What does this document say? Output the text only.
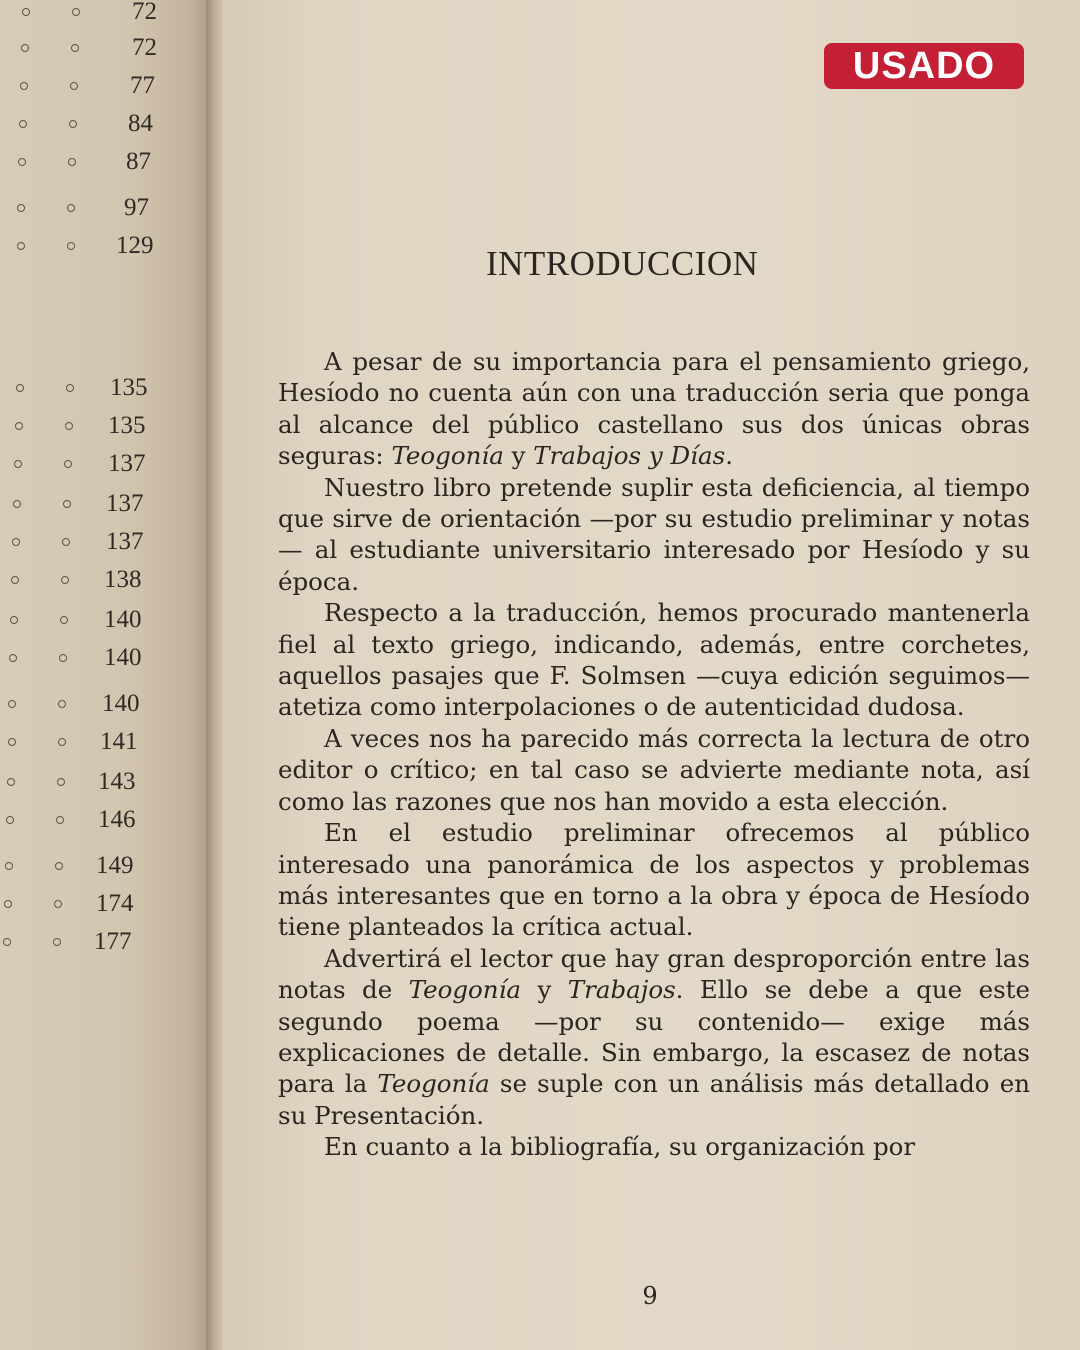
72
72
77
84
87
97
129
135
135
137
137
137
138
140
140
140
141
143
146
149
174
177
USADO
INTRODUCCION

A pesar de su importancia para el pensamiento griego, Hesíodo no cuenta aún con una traducción seria que ponga al alcance del público castellano sus dos únicas obras seguras: Teogonía y Trabajos y Días.

Nuestro libro pretende suplir esta deficiencia, al tiempo que sirve de orientación —por su estudio preliminar y notas— al estudiante universitario interesado por Hesíodo y su época.

Respecto a la traducción, hemos procurado mantenerla fiel al texto griego, indicando, además, entre corchetes, aquellos pasajes que F. Solmsen —cuya edición seguimos— atetiza como interpolaciones o de autenticidad dudosa.

A veces nos ha parecido más correcta la lectura de otro editor o crítico; en tal caso se advierte mediante nota, así como las razones que nos han movido a esta elección.

En el estudio preliminar ofrecemos al público interesado una panorámica de los aspectos y problemas más interesantes que en torno a la obra y época de Hesíodo tiene planteados la crítica actual.

Advertirá el lector que hay gran desproporción entre las notas de Teogonía y Trabajos. Ello se debe a que este segundo poema —por su contenido— exige más explicaciones de detalle. Sin embargo, la escasez de notas para la Teogonía se suple con un análisis más detallado en su Presentación.

En cuanto a la bibliografía, su organización por

9
